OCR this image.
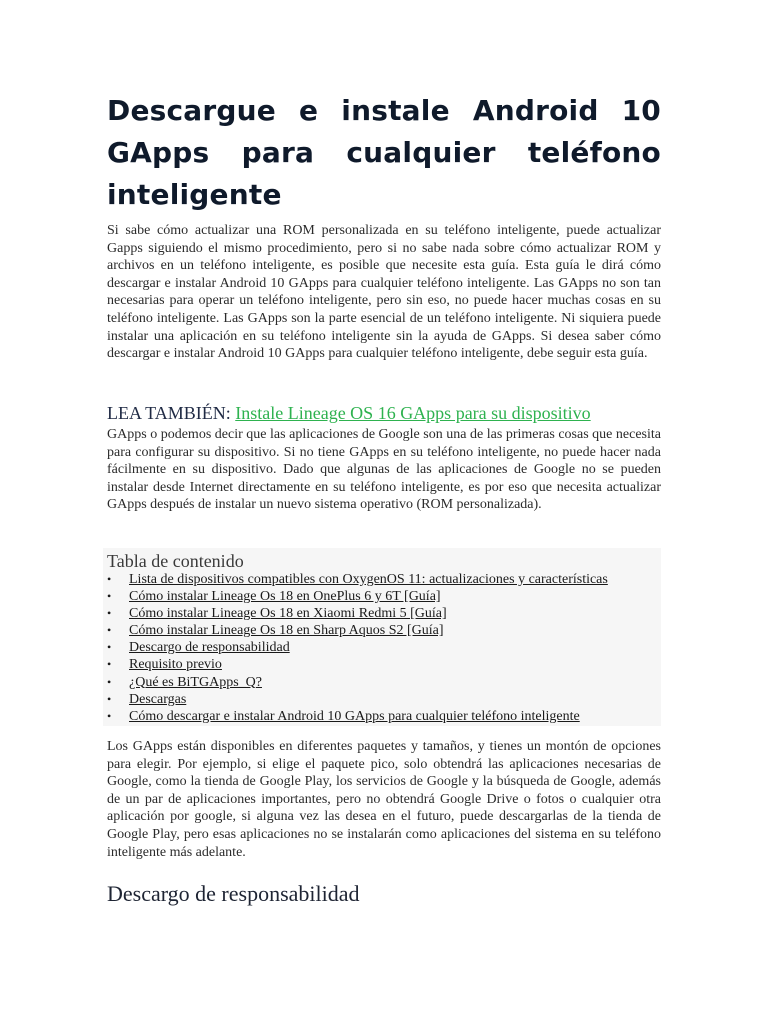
Descargue e instale Android 10 GApps para cualquier teléfono inteligente

Si sabe cómo actualizar una ROM personalizada en su teléfono inteligente, puede actualizar Gapps siguiendo el mismo procedimiento, pero si no sabe nada sobre cómo actualizar ROM y archivos en un teléfono inteligente, es posible que necesite esta guía. Esta guía le dirá cómo descargar e instalar Android 10 GApps para cualquier teléfono inteligente. Las GApps no son tan necesarias para operar un teléfono inteligente, pero sin eso, no puede hacer muchas cosas en su teléfono inteligente. Las GApps son la parte esencial de un teléfono inteligente. Ni siquiera puede instalar una aplicación en su teléfono inteligente sin la ayuda de GApps. Si desea saber cómo descargar e instalar Android 10 GApps para cualquier teléfono inteligente, debe seguir esta guía.

LEA TAMBIÉN: Instale Lineage OS 16 GApps para su dispositivo

GApps o podemos decir que las aplicaciones de Google son una de las primeras cosas que necesita para configurar su dispositivo. Si no tiene GApps en su teléfono inteligente, no puede hacer nada fácilmente en su dispositivo. Dado que algunas de las aplicaciones de Google no se pueden instalar desde Internet directamente en su teléfono inteligente, es por eso que necesita actualizar GApps después de instalar un nuevo sistema operativo (ROM personalizada).

Tabla de contenido

•	Lista de dispositivos compatibles con OxygenOS 11: actualizaciones y características
•	Cómo instalar Lineage Os 18 en OnePlus 6 y 6T [Guía]
•	Cómo instalar Lineage Os 18 en Xiaomi Redmi 5 [Guía]
•	Cómo instalar Lineage Os 18 en Sharp Aquos S2 [Guía]
•	Descargo de responsabilidad
•	Requisito previo
•	¿Qué es BiTGApps_Q?
•	Descargas
•	Cómo descargar e instalar Android 10 GApps para cualquier teléfono inteligente

Los GApps están disponibles en diferentes paquetes y tamaños, y tienes un montón de opciones para elegir. Por ejemplo, si elige el paquete pico, solo obtendrá las aplicaciones necesarias de Google, como la tienda de Google Play, los servicios de Google y la búsqueda de Google, además de un par de aplicaciones importantes, pero no obtendrá Google Drive o fotos o cualquier otra aplicación por google, si alguna vez las desea en el futuro, puede descargarlas de la tienda de Google Play, pero esas aplicaciones no se instalarán como aplicaciones del sistema en su teléfono inteligente más adelante.

Descargo de responsabilidad
